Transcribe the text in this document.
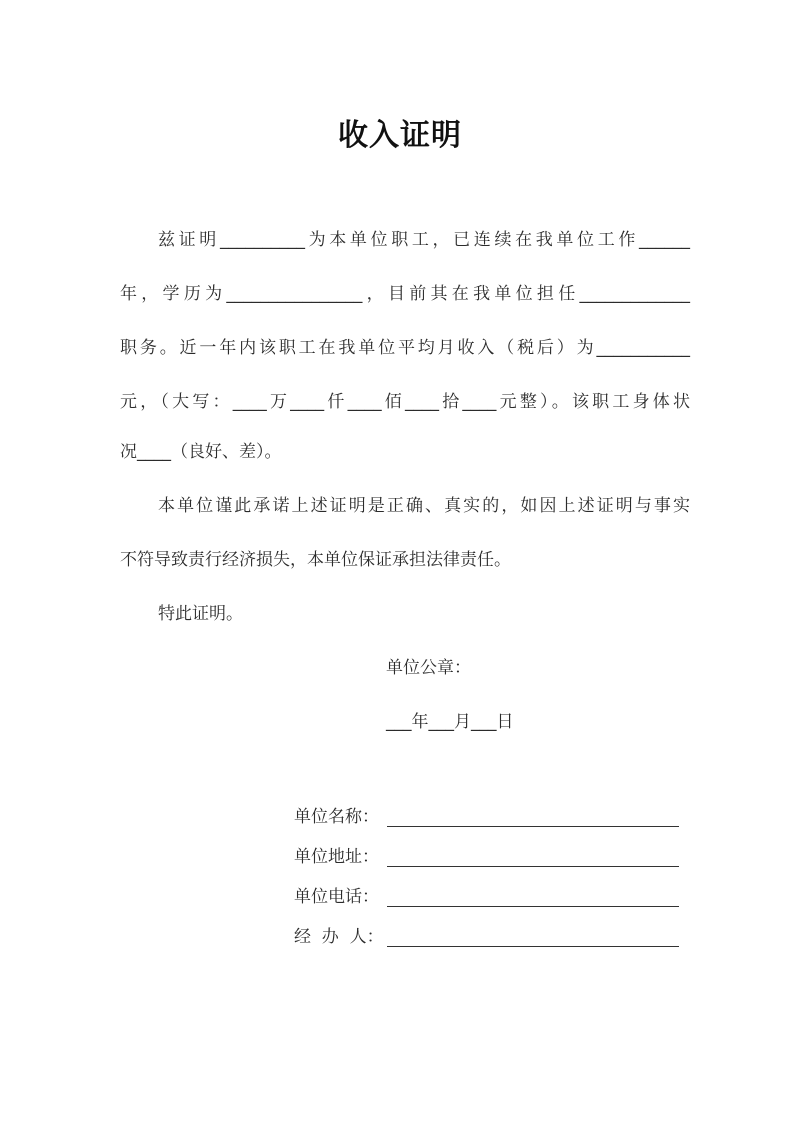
收入证明
兹证明__________为本单位职工，已连续在我单位工作______
年，学历为________________，目前其在我单位担任_____________
职务。近一年内该职工在我单位平均月收入（税后）为___________
元，（大写：____万____仟____佰____拾____元整）。该职工身体状
况____（良好、差）。
本单位谨此承诺上述证明是正确、真实的，如因上述证明与事实
不符导致责行经济损失，本单位保证承担法律责任。
特此证明。
单位公章：
___年___月___日
单位名称：
单位地址：
单位电话：
经  办  人：
